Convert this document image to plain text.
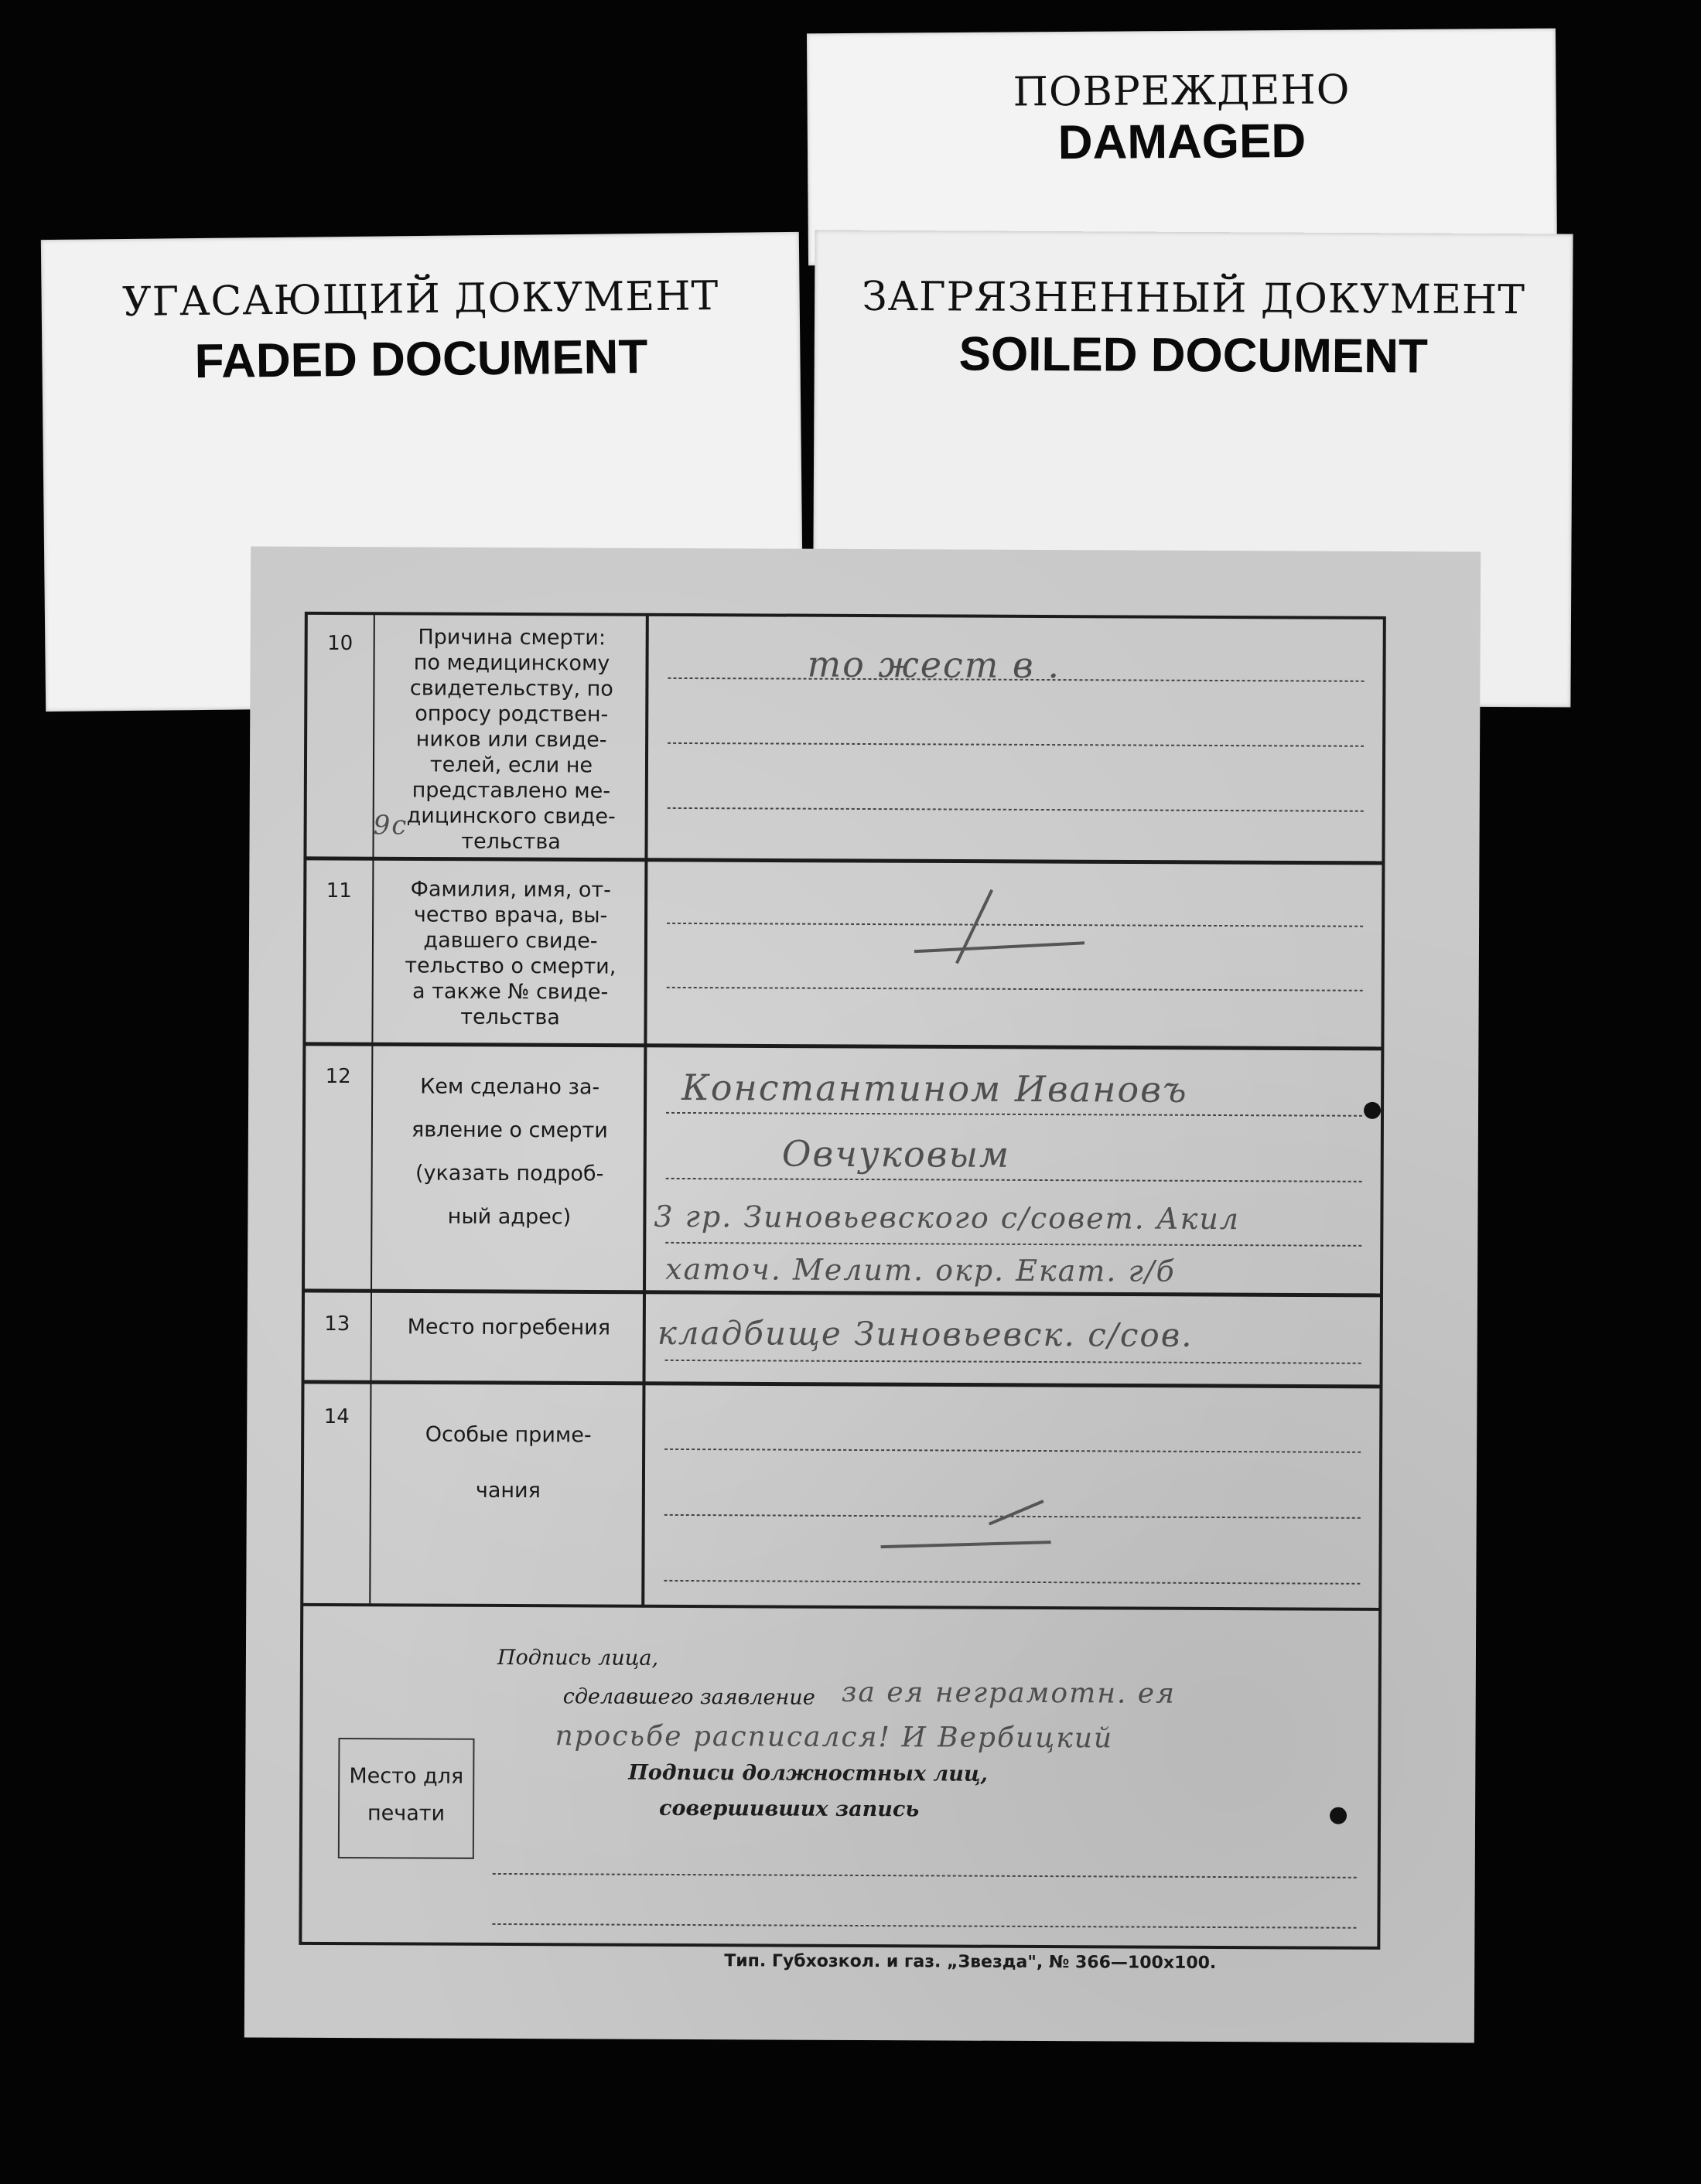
ПОВРЕЖДЕНО
DAMAGED
УГАСАЮЩИЙ ДОКУМЕНТ
FADED DOCUMENT
ЗАГРЯЗНЕННЫЙ ДОКУМЕНТ
SOILED DOCUMENT
10
11
12
13
14
Причина смерти:
по медицинскому
свидетельству, по
опросу родствен-
ников или свиде-
телей, если не
представлено ме-
дицинского свиде-
тельства
то жест в .
9с
Фамилия, имя, от-
чество врача, вы-
давшего свиде-
тельство о смерти,
а также № свиде-
тельства
Кем сделано за-
явление о смерти
(указать подроб-
ный адрес)
Константином Ивановъ
Овчуковым
3 гр. Зиновьевского с/совет. Акил
хаточ. Мелит. окр. Екат. г/б
Место погребения	кладбище Зиновьевск. с/сов.
Особые приме-
чания
Подпись лица,
сделавшего заявление за ея неграмотн. ея
просьбе расписался! И Вербицкий
Подписи должностных лиц,
совершивших запись
Место для
печати
Тип. Губхозкол. и газ. „Звезда", № 366—100х100.
